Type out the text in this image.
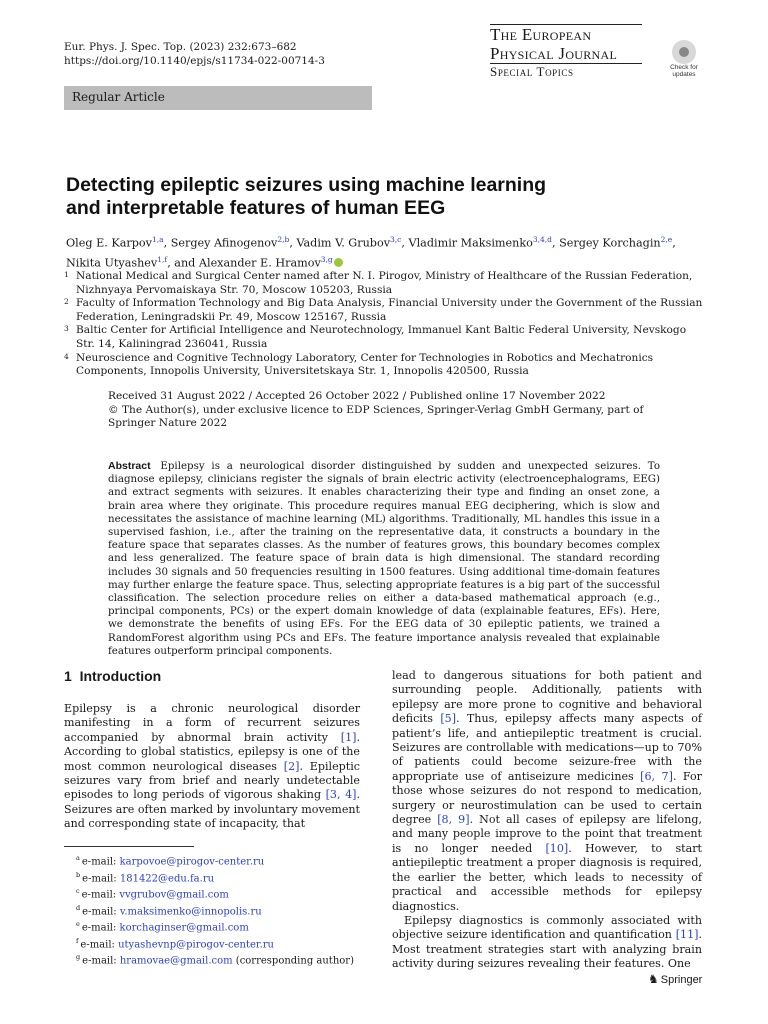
Eur. Phys. J. Spec. Top. (2023) 232:673–682
https://doi.org/10.1140/epjs/s11734-022-00714-3
The European
Physical Journal
Special Topics	Check for
updates
Regular Article
Detecting epileptic seizures using machine learning
and interpretable features of human EEG
Oleg E. Karpov$^{1,a}$, Sergey Afinogenov$^{2,b}$, Vadim V. Grubov$^{3,c}$, Vladimir Maksimenko$^{3,4,d}$, Sergey Korchagin$^{2,e}$, Nikita Utyashev$^{1,f}$, and Alexander E. Hramov$^{3,g}$
1 National Medical and Surgical Center named after N. I. Pirogov, Ministry of Healthcare of the Russian Federation, Nizhnyaya Pervomaiskaya Str. 70, Moscow 105203, Russia
2 Faculty of Information Technology and Big Data Analysis, Financial University under the Government of the Russian Federation, Leningradskii Pr. 49, Moscow 125167, Russia
3 Baltic Center for Artificial Intelligence and Neurotechnology, Immanuel Kant Baltic Federal University, Nevskogo Str. 14, Kaliningrad 236041, Russia
4 Neuroscience and Cognitive Technology Laboratory, Center for Technologies in Robotics and Mechatronics Components, Innopolis University, Universitetskaya Str. 1, Innopolis 420500, Russia
Received 31 August 2022 / Accepted 26 October 2022 / Published online 17 November 2022
© The Author(s), under exclusive licence to EDP Sciences, Springer-Verlag GmbH Germany, part of
Springer Nature 2022
Abstract Epilepsy is a neurological disorder distinguished by sudden and unexpected seizures. To diagnose epilepsy, clinicians register the signals of brain electric activity (electroencephalograms, EEG) and extract segments with seizures. It enables characterizing their type and finding an onset zone, a brain area where they originate. This procedure requires manual EEG deciphering, which is slow and necessitates the assistance of machine learning (ML) algorithms. Traditionally, ML handles this issue in a supervised fashion, i.e., after the training on the representative data, it constructs a boundary in the feature space that separates classes. As the number of features grows, this boundary becomes complex and less generalized. The feature space of brain data is high dimensional. The standard recording includes 30 signals and 50 frequencies resulting in 1500 features. Using additional time-domain features may further enlarge the feature space. Thus, selecting appropriate features is a big part of the successful classification. The selection procedure relies on either a data-based mathematical approach (e.g., principal components, PCs) or the expert domain knowledge of data (explainable features, EFs). Here, we demonstrate the benefits of using EFs. For the EEG data of 30 epileptic patients, we trained a RandomForest algorithm using PCs and EFs. The feature importance analysis revealed that explainable features outperform principal components.
1 Introduction
Epilepsy is a chronic neurological disorder manifesting in a form of recurrent seizures accompanied by abnormal brain activity [1]. According to global statistics, epilepsy is one of the most common neurological diseases [2]. Epileptic seizures vary from brief and nearly undetectable episodes to long periods of vigorous shaking [3, 4]. Seizures are often marked by involuntary movement and corresponding state of incapacity, that

lead to dangerous situations for both patient and surrounding people. Additionally, patients with epilepsy are more prone to cognitive and behavioral deficits [5]. Thus, epilepsy affects many aspects of patient’s life, and antiepileptic treatment is crucial. Seizures are controllable with medications—up to 70% of patients could become seizure-free with the appropriate use of antiseizure medicines [6, 7]. For those whose seizures do not respond to medication, surgery or neurostimulation can be used to certain degree [8, 9]. Not all cases of epilepsy are lifelong, and many people improve to the point that treatment is no longer needed [10]. However, to start antiepileptic treatment a proper diagnosis is required, the earlier the better, which leads to necessity of practical and accessible methods for epilepsy diagnostics.

Epilepsy diagnostics is commonly associated with objective seizure identification and quantification [11]. Most treatment strategies start with analyzing brain activity during seizures revealing their features. One

$^a$ e-mail: karpovoe@pirogov-center.ru
$^b$ e-mail: 181422@edu.fa.ru
$^c$ e-mail: vvgrubov@gmail.com
$^d$ e-mail: v.maksimenko@innopolis.ru
$^e$ e-mail: korchaginser@gmail.com
$^f$ e-mail: utyashevnp@pirogov-center.ru
$^g$ e-mail: hramovae@gmail.com (corresponding author)
♞ Springer
